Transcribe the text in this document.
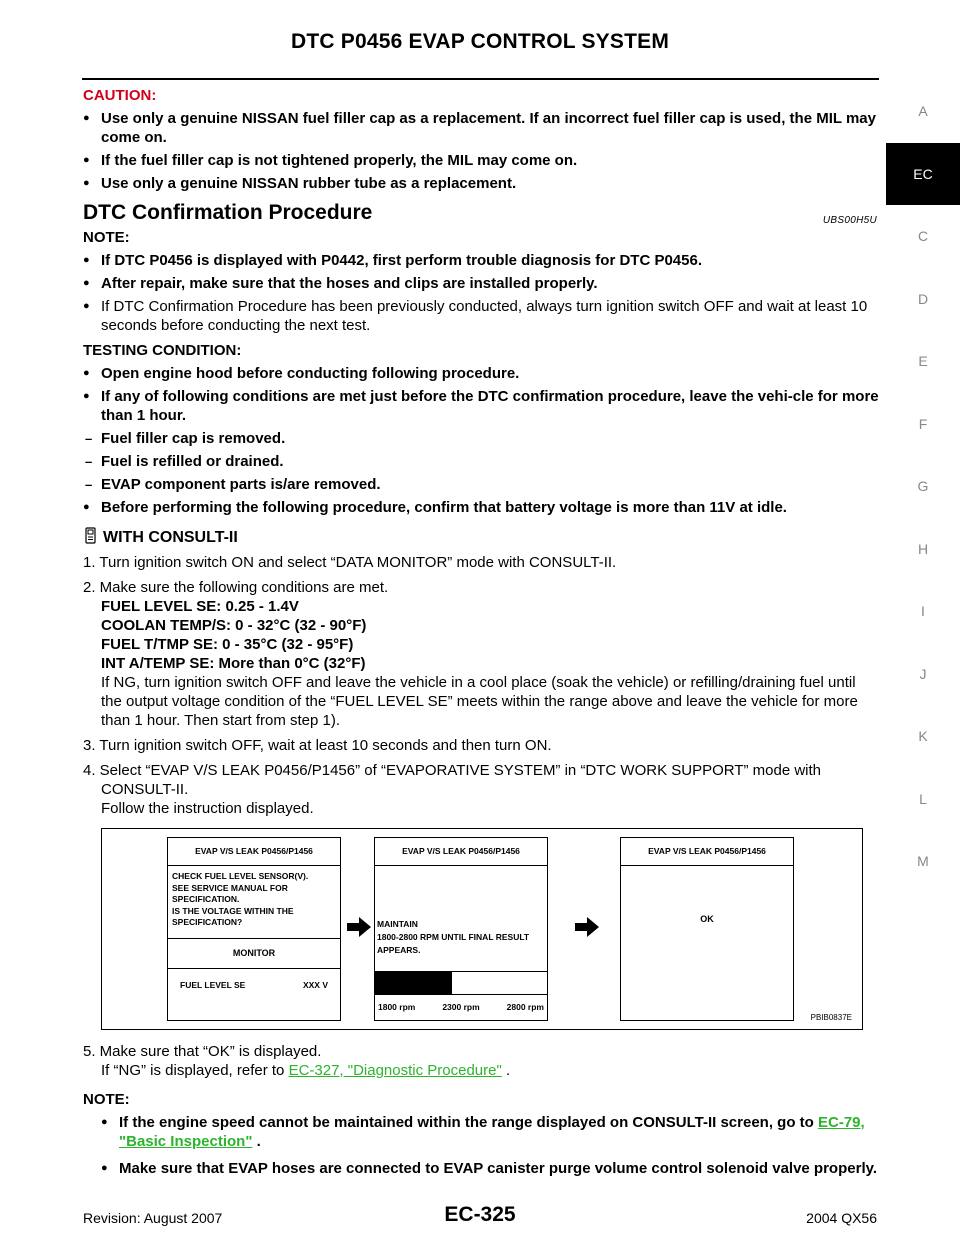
DTC P0456 EVAP CONTROL SYSTEM
A
EC
C
D
E
F
G
H
I
J
K
L
M
CAUTION:
● Use only a genuine NISSAN fuel filler cap as a replacement. If an incorrect fuel filler cap is used, the MIL may come on.
● If the fuel filler cap is not tightened properly, the MIL may come on.
● Use only a genuine NISSAN rubber tube as a replacement.
DTC Confirmation Procedure	UBS00H5U
NOTE:
● If DTC P0456 is displayed with P0442, first perform trouble diagnosis for DTC P0456.
● After repair, make sure that the hoses and clips are installed properly.
● If DTC Confirmation Procedure has been previously conducted, always turn ignition switch OFF and wait at least 10 seconds before conducting the next test.
TESTING CONDITION:
● Open engine hood before conducting following procedure.
● If any of following conditions are met just before the DTC confirmation procedure, leave the vehi-cle for more than 1 hour.
– Fuel filler cap is removed.
– Fuel is refilled or drained.
– EVAP component parts is/are removed.
● Before performing the following procedure, confirm that battery voltage is more than 11V at idle.
WITH CONSULT-II
1. Turn ignition switch ON and select “DATA MONITOR” mode with CONSULT-II.
2. Make sure the following conditions are met.
FUEL LEVEL SE: 0.25 - 1.4V
COOLAN TEMP/S: 0 - 32°C (32 - 90°F)
FUEL T/TMP SE: 0 - 35°C (32 - 95°F)
INT A/TEMP SE: More than 0°C (32°F)
If NG, turn ignition switch OFF and leave the vehicle in a cool place (soak the vehicle) or refilling/draining fuel until the output voltage condition of the “FUEL LEVEL SE” meets within the range above and leave the vehicle for more than 1 hour. Then start from step 1).
3. Turn ignition switch OFF, wait at least 10 seconds and then turn ON.
4. Select “EVAP V/S LEAK P0456/P1456” of “EVAPORATIVE SYSTEM” in “DTC WORK SUPPORT” mode with CONSULT-II.
Follow the instruction displayed.
EVAP V/S LEAK P0456/P1456
CHECK FUEL LEVEL SENSOR(V).
SEE SERVICE MANUAL FOR
SPECIFICATION.
IS THE VOLTAGE WITHIN THE
SPECIFICATION?
MONITOR
FUEL LEVEL SE	XXX V
EVAP V/S LEAK P0456/P1456
MAINTAIN
1800-2800 RPM UNTIL FINAL RESULT
APPEARS.
1800 rpm	2300 rpm	2800 rpm
EVAP V/S LEAK P0456/P1456
OK
PBIB0837E
5. Make sure that “OK” is displayed.
If “NG” is displayed, refer to EC-327, "Diagnostic Procedure" .
NOTE:
● If the engine speed cannot be maintained within the range displayed on CONSULT-II screen, go to EC-79, "Basic Inspection" .
● Make sure that EVAP hoses are connected to EVAP canister purge volume control solenoid valve properly.
Revision: August 2007	EC-325	2004 QX56
